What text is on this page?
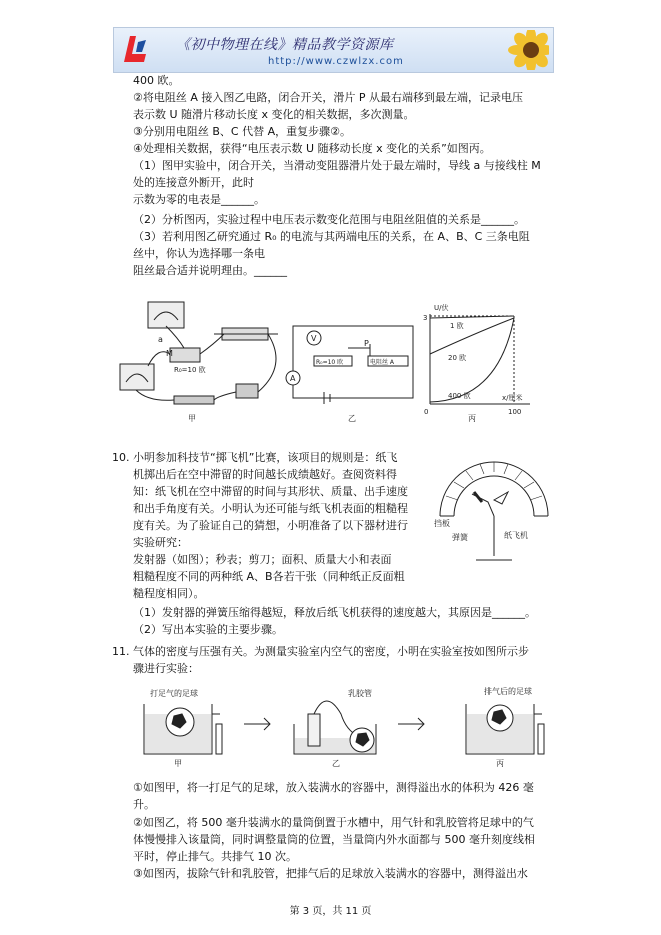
《初中物理在线》精品教学资源库
http://www.czwlzx.com
400 欧。
②将电阻丝 A 接入图乙电路，闭合开关，滑片 P 从最右端移到最左端，记录电压
表示数 U 随滑片移动长度 x 变化的相关数据，多次测量。
③分别用电阻丝 B、C 代替 A，重复步骤②。
④处理相关数据，获得“电压表示数 U 随移动长度 x 变化的关系”如图丙。
（1）图甲实验中，闭合开关，当滑动变阻器滑片处于最左端时，导线 a 与接线柱 M
处的连接意外断开，此时
示数为零的电表是______。
（2）分析图丙，实验过程中电压表示数变化范围与电阻丝阻值的关系是______。
（3）若利用图乙研究通过 R₀ 的电流与其两端电压的关系，在 A、B、C 三条电阻
丝中，你认为选择哪一条电
阻丝最合适并说明理由。______
a
M
R₀=10 欧
甲
V
A
R₀=10 欧	电阻丝 A
P
乙
U/伏
3
0	100
x/厘米
1 欧
20 欧
400 欧
丙
10. 小明参加科技节“掷飞机”比赛，该项目的规则是：纸飞
机掷出后在空中滞留的时间越长成绩越好。查阅资料得
知：纸飞机在空中滞留的时间与其形状、质量、出手速度
和出手角度有关。小明认为还可能与纸飞机表面的粗糙程
度有关。为了验证自己的猜想，小明准备了以下器材进行
实验研究：
发射器（如图）；秒表；剪刀；面积、质量大小和表面
粗糙程度不同的两种纸 A、B各若干张（同种纸正反面粗
糙程度相同）。
（1）发射器的弹簧压缩得越短，释放后纸飞机获得的速度越大，其原因是______。
（2）写出本实验的主要步骤。
挡板
弹簧	纸飞机
11. 气体的密度与压强有关。为测量实验室内空气的密度，小明在实验室按如图所示步
骤进行实验：
打足气的足球	乳胶管	排气后的足球
甲	乙	丙
①如图甲，将一打足气的足球，放入装满水的容器中，测得溢出水的体积为 426 毫
升。
②如图乙，将 500 毫升装满水的量筒倒置于水槽中，用气针和乳胶管将足球中的气
体慢慢排入该量筒，同时调整量筒的位置，当量筒内外水面都与 500 毫升刻度线相
平时，停止排气。共排气 10 次。
③如图丙，拔除气针和乳胶管，把排气后的足球放入装满水的容器中，测得溢出水
第 3 页，共 11 页
